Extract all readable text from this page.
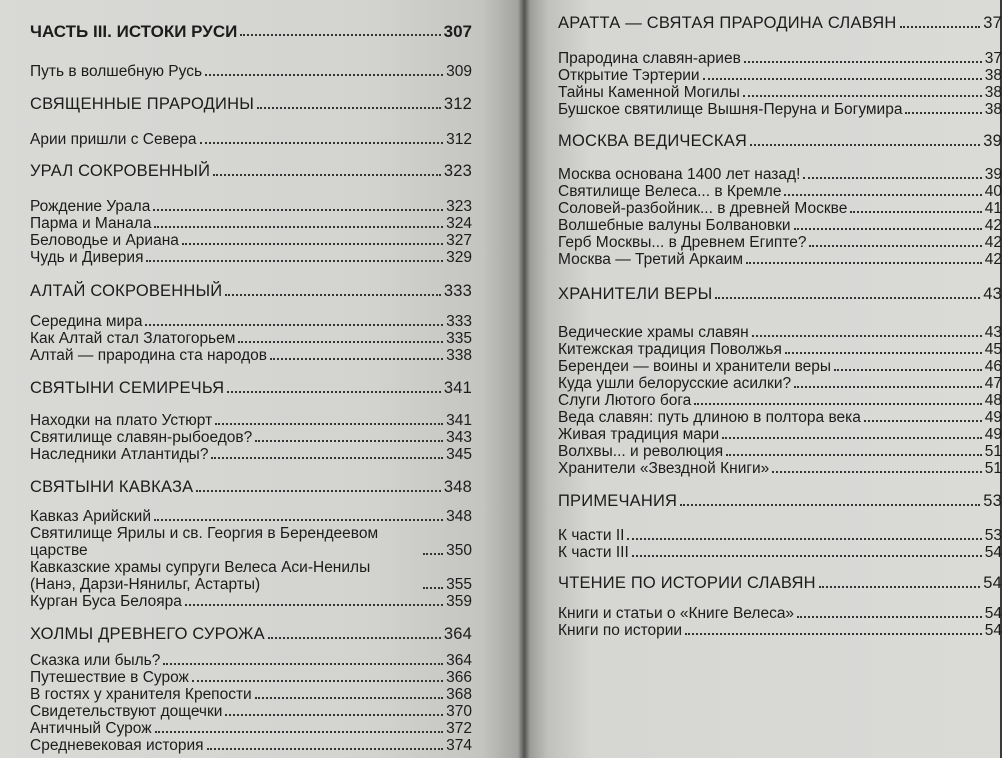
ЧАСТЬ III. ИСТОКИ РУСИ	307
Путь в волшебную Русь	309
СВЯЩЕННЫЕ ПРАРОДИНЫ	312
Арии пришли с Севера	312
УРАЛ СОКРОВЕННЫЙ	323
Рождение Урала	323
Парма и Манала	324
Беловодье и Ариана	327
Чудь и Диверия	329
АЛТАЙ СОКРОВЕННЫЙ	333
Середина мира	333
Как Алтай стал Златогорьем	335
Алтай — прародина ста народов	338
СВЯТЫНИ СЕМИРЕЧЬЯ	341
Находки на плато Устюрт	341
Святилище славян-рыбоедов?	343
Наследники Атлантиды?	345
СВЯТЫНИ КАВКАЗА	348
Кавказ Арийский	348
Святилище Ярилы и св. Георгия в Берендеевом царстве	350
Кавказские храмы супруги Велеса Аси-Ненилы (Нанэ, Дарзи-Нянильг, Астарты)	355
Курган Буса Белояра	359
ХОЛМЫ ДРЕВНЕГО СУРОЖА	364
Сказка или быль?	364
Путешествие в Сурож	366
В гостях у хранителя Крепости	368
Свидетельствуют дощечки	370
Античный Сурож	372
Средневековая история	374
АРАТТА — СВЯТАЯ ПРАРОДИНА СЛАВЯН	37
Прародина славян-ариев	37
Открытие Тэртерии	38
Тайны Каменной Могилы	38
Бушское святилище Вышня-Перуна и Богумира	38
МОСКВА ВЕДИЧЕСКАЯ	39
Москва основана 1400 лет назад!	39
Святилище Велеса... в Кремле	40
Соловей-разбойник... в древней Москве	41
Волшебные валуны Болвановки	42
Герб Москвы... в Древнем Египте?	42
Москва — Третий Аркаим	42
ХРАНИТЕЛИ ВЕРЫ	43
Ведические храмы славян	43
Китежская традиция Поволжья	45
Берендеи — воины и хранители веры	46
Куда ушли белорусские асилки?	47
Слуги Лютого бога	48
Веда славян: путь длиною в полтора века	49
Живая традиция мари	49
Волхвы... и революция	51
Хранители «Звездной Книги»	51
ПРИМЕЧАНИЯ	53
К части II	53
К части III	54
ЧТЕНИЕ ПО ИСТОРИИ СЛАВЯН	54
Книги и статьи о «Книге Велеса»	54
Книги по истории	54
